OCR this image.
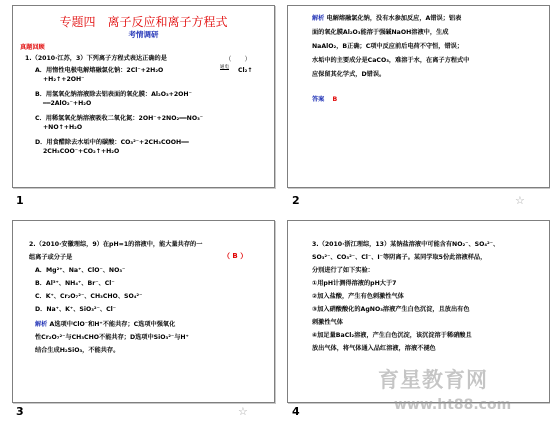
专题四　离子反应和离子方程式
考情调研
真题回顾
1.（2010·江苏，3）下列离子方程式表达正确的是	（　　）
A．用惰性电极电解熔融氯化钠：2Cl⁻+2H₂O	通电 Cl₂↑
+H₂↑+2OH⁻
B．用氢氧化钠溶液除去铝表面的氧化膜：Al₂O₃+2OH⁻
══2AlO₂⁻+H₂O
C．用稀氢氧化钠溶液吸收二氧化氮：2OH⁻+2NO₂══NO₃⁻
+NO↑+H₂O
D．用食醋除去水垢中的碳酸：CO₃²⁻+2CH₃COOH══
2CH₃COO⁻+CO₂↑+H₂O
1
解析 电解熔融氯化钠，没有水参加反应，A错误；铝表
面的氧化膜Al₂O₃能溶于强碱NaOH溶液中，生成
NaAlO₂，B正确；C项中反应前后电荷不守恒，错误；
水垢中的主要成分是CaCO₃，难溶于水，在离子方程式中
应保留其化学式，D错误。
答案 B
2	☆
2.（2010·安徽理综，9）在pH=1的溶液中，能大量共存的一
组离子或分子是	（ B ）
A．Mg²⁺、Na⁺、ClO⁻、NO₃⁻
B．Al³⁺、NH₄⁺、Br⁻、Cl⁻
C．K⁺、Cr₂O₇²⁻、CH₃CHO、SO₄²⁻
D．Na⁺、K⁺、SiO₃²⁻、Cl⁻
解析 A选项中ClO⁻和H⁺不能共存；C选项中强氧化
性Cr₂O₇²⁻与CH₃CHO不能共存；D选项中SiO₃²⁻与H⁺
结合生成H₂SiO₃，不能共存。
3	☆
3.（2010·浙江理综，13）某钠盐溶液中可能含有NO₂⁻、SO₄²⁻、
SO₃²⁻、CO₃²⁻、Cl⁻、I⁻等阴离子。某同学取5份此溶液样品，
分别进行了如下实验：
①用pH计测得溶液的pH大于7
②加入盐酸，产生有色刺激性气体
③加入硝酸酸化的AgNO₃溶液产生白色沉淀，且放出有色
刺激性气体
④加足量BaCl₂溶液，产生白色沉淀，该沉淀溶于稀硝酸且
放出气体，将气体通入品红溶液，溶液不褪色
4
育星教育网
www.ht88.com
